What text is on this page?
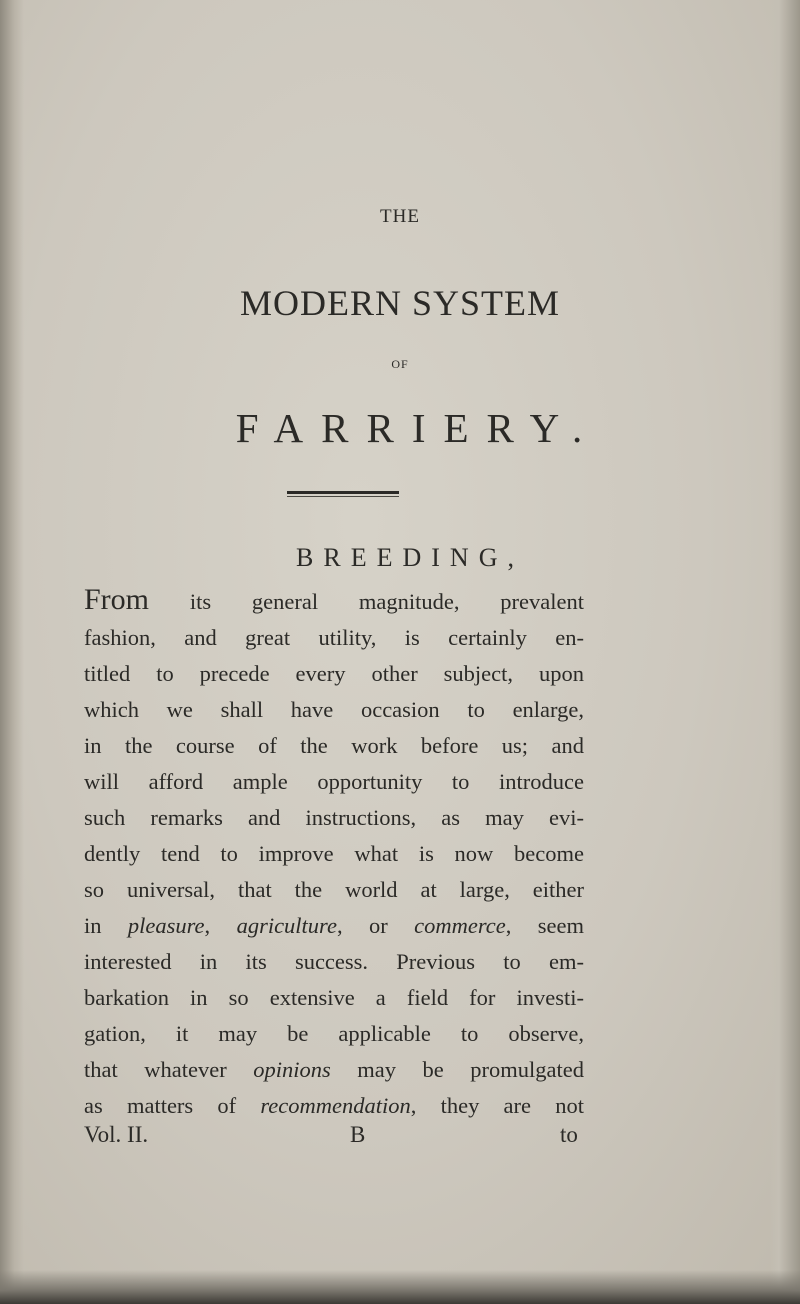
THE
MODERN SYSTEM
OF
FARRIERY.
BREEDING,
From its general magnitude, prevalent
fashion, and great utility, is certainly en-
titled to precede every other subject, upon
which we shall have occasion to enlarge,
in the course of the work before us; and
will afford ample opportunity to introduce
such remarks and instructions, as may evi-
dently tend to improve what is now become
so universal, that the world at large, either
in pleasure, agriculture, or commerce, seem
interested in its success. Previous to em-
barkation in so extensive a field for investi-
gation, it may be applicable to observe,
that whatever opinions may be promulgated
as matters of recommendation, they are not
Vol. II.	B	to
